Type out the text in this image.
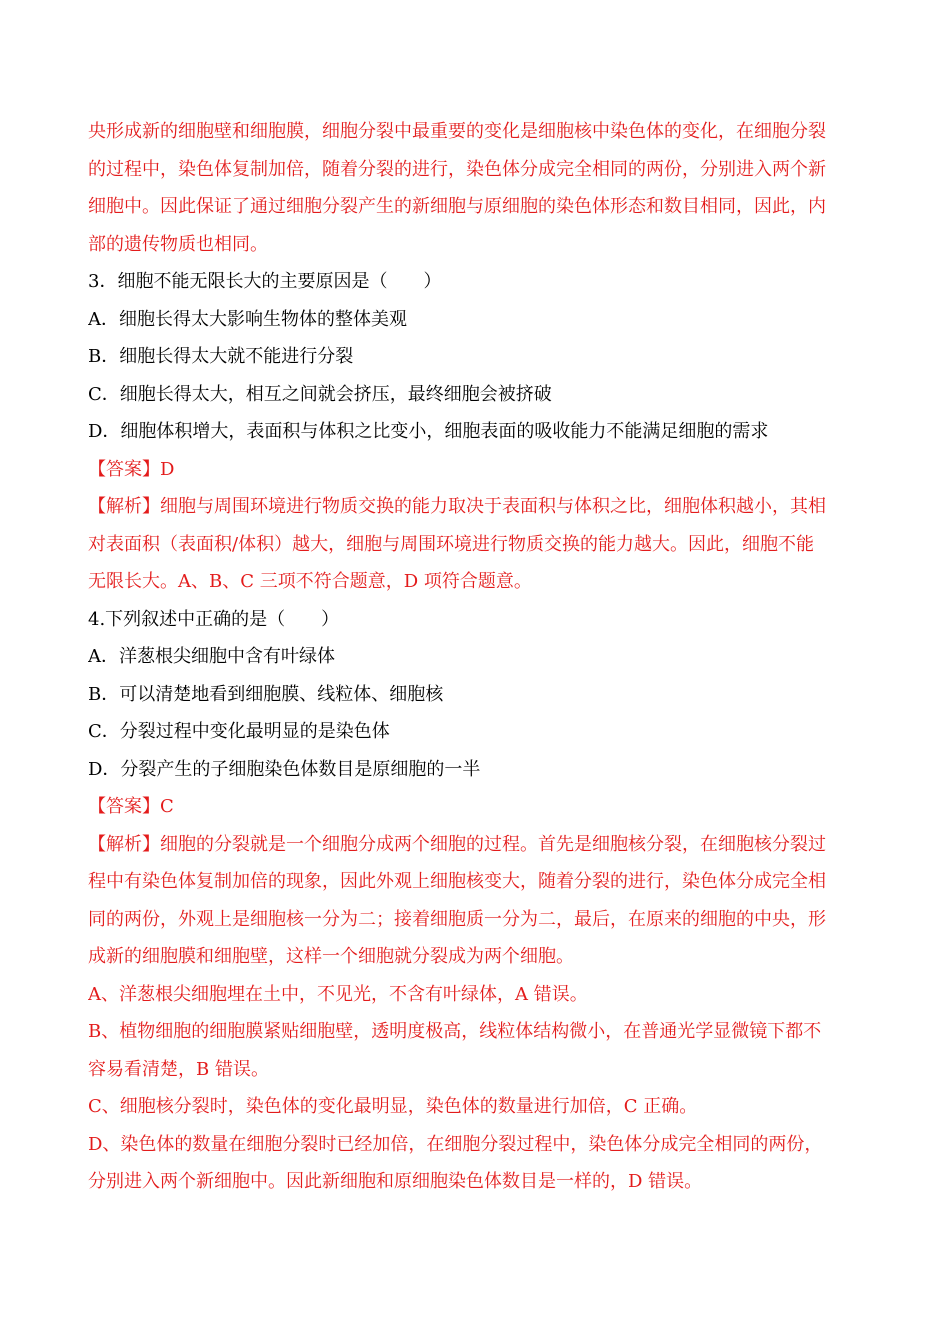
央形成新的细胞壁和细胞膜，细胞分裂中最重要的变化是细胞核中染色体的变化，在细胞分裂
的过程中，染色体复制加倍，随着分裂的进行，染色体分成完全相同的两份，分别进入两个新
细胞中。因此保证了通过细胞分裂产生的新细胞与原细胞的染色体形态和数目相同，因此，内
部的遗传物质也相同。
3．细胞不能无限长大的主要原因是（　　）
A．细胞长得太大影响生物体的整体美观
B．细胞长得太大就不能进行分裂
C．细胞长得太大，相互之间就会挤压，最终细胞会被挤破
D．细胞体积增大，表面积与体积之比变小，细胞表面的吸收能力不能满足细胞的需求
【答案】D
【解析】细胞与周围环境进行物质交换的能力取决于表面积与体积之比，细胞体积越小，其相
对表面积（表面积/体积）越大，细胞与周围环境进行物质交换的能力越大。因此，细胞不能
无限长大。A、B、C 三项不符合题意，D 项符合题意。
4.下列叙述中正确的是（　　）
A．洋葱根尖细胞中含有叶绿体
B．可以清楚地看到细胞膜、线粒体、细胞核
C．分裂过程中变化最明显的是染色体
D．分裂产生的子细胞染色体数目是原细胞的一半
【答案】C
【解析】细胞的分裂就是一个细胞分成两个细胞的过程。首先是细胞核分裂，在细胞核分裂过
程中有染色体复制加倍的现象，因此外观上细胞核变大，随着分裂的进行，染色体分成完全相
同的两份，外观上是细胞核一分为二；接着细胞质一分为二，最后，在原来的细胞的中央，形
成新的细胞膜和细胞壁，这样一个细胞就分裂成为两个细胞。
A、洋葱根尖细胞埋在土中，不见光，不含有叶绿体，A 错误。
B、植物细胞的细胞膜紧贴细胞壁，透明度极高，线粒体结构微小，在普通光学显微镜下都不
容易看清楚，B 错误。
C、细胞核分裂时，染色体的变化最明显，染色体的数量进行加倍，C 正确。
D、染色体的数量在细胞分裂时已经加倍，在细胞分裂过程中，染色体分成完全相同的两份，
分别进入两个新细胞中。因此新细胞和原细胞染色体数目是一样的，D 错误。
